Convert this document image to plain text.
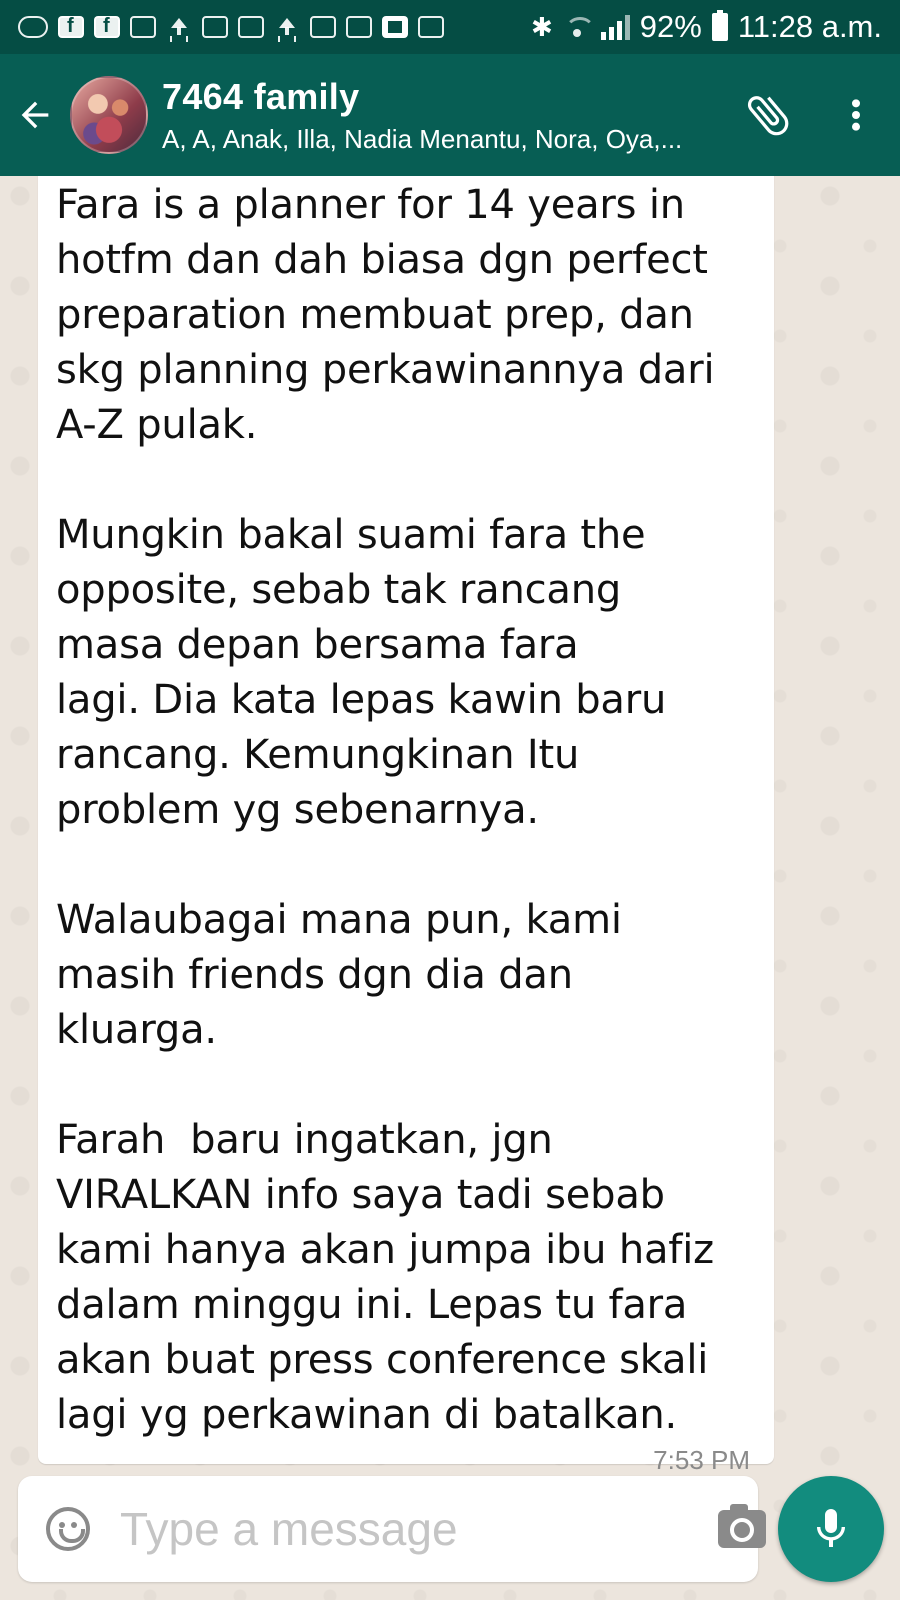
f
f
✱	92% 11:28 a.m.
7464 family
A, A, Anak, Illa, Nadia Menantu, Nora, Oya,...
Fara is a planner for 14 years in
hotfm dan dah biasa dgn perfect
preparation membuat prep, dan
skg planning perkawinannya dari
A-Z pulak.

Mungkin bakal suami fara the
opposite, sebab tak rancang
masa depan bersama fara
lagi. Dia kata lepas kawin baru
rancang. Kemungkinan Itu
problem yg sebenarnya.

Walaubagai mana pun, kami
masih friends dgn dia dan
kluarga.

Farah  baru ingatkan, jgn
VIRALKAN info saya tadi sebab
kami hanya akan jumpa ibu hafiz
dalam minggu ini. Lepas tu fara
akan buat press conference skali
lagi yg perkawinan di batalkan.
7:53 PM
Type a message
